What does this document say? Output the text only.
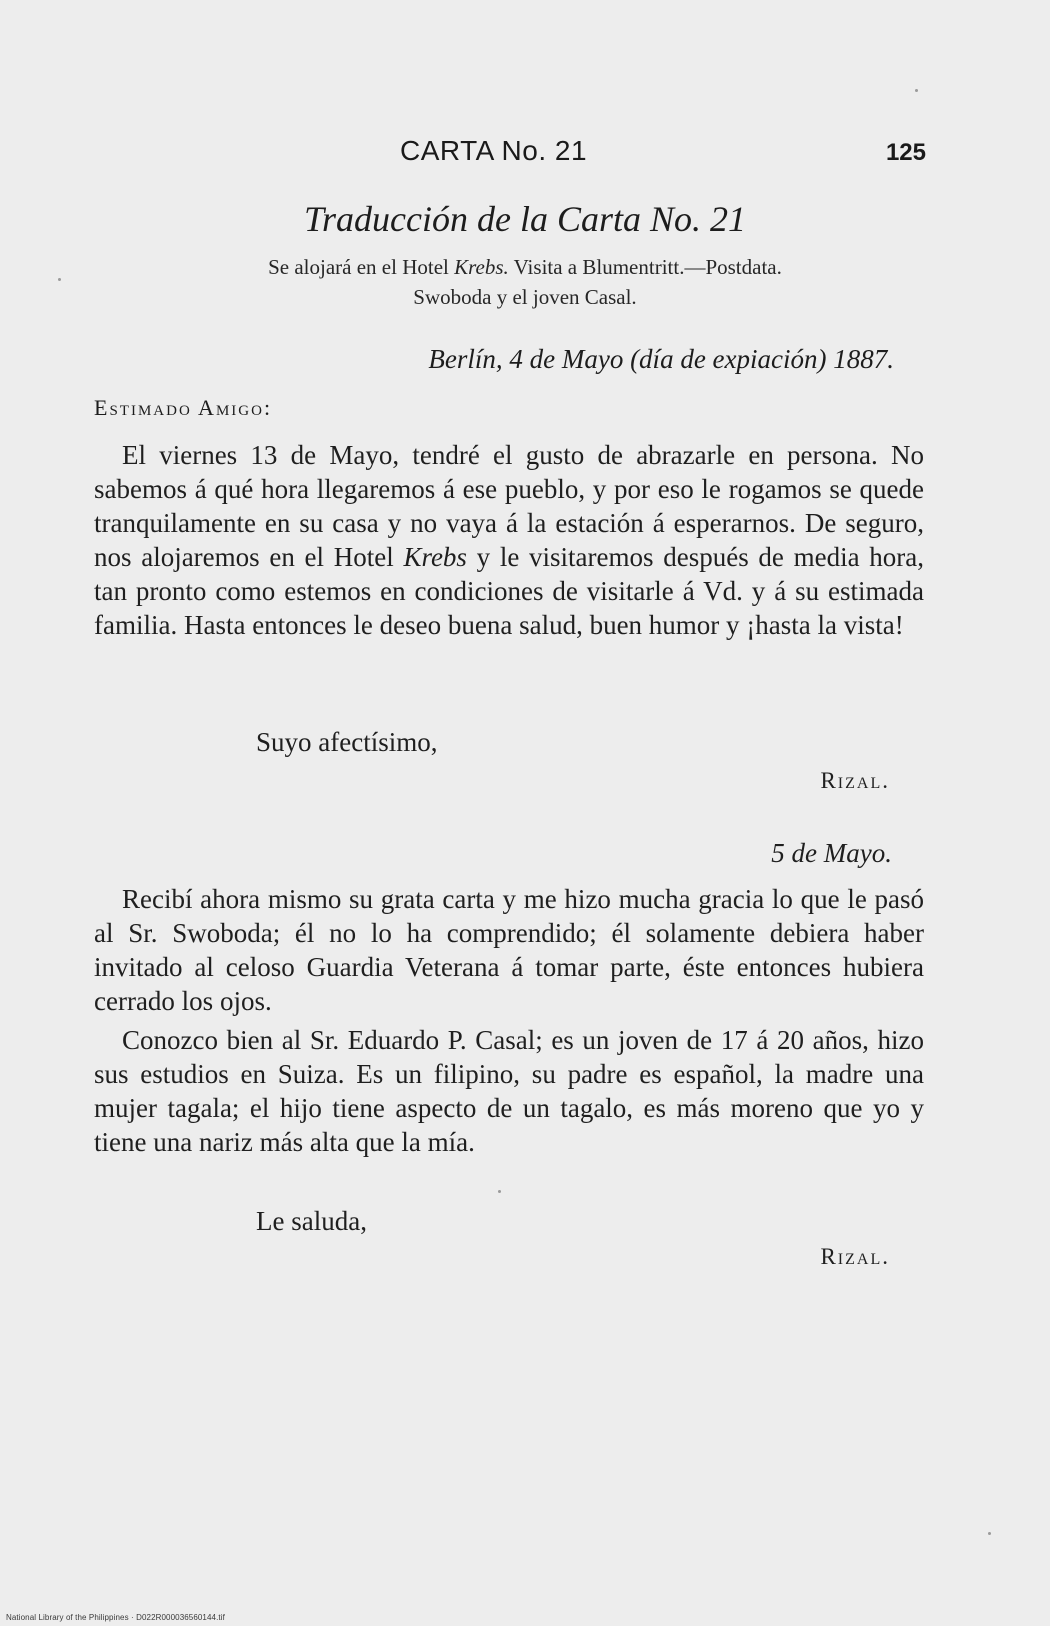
CARTA No. 21	125
Traducción de la Carta No. 21
Se alojará en el Hotel Krebs. Visita a Blumentritt.—Postdata.
Swoboda y el joven Casal.
Berlín, 4 de Mayo (día de expiación) 1887.
Estimado Amigo:
El viernes 13 de Mayo, tendré el gusto de abrazarle en persona. No sabemos á qué hora llegaremos á ese pueblo, y por eso le rogamos se quede tranquilamente en su casa y no vaya á la estación á esperarnos. De seguro, nos alojaremos en el Hotel Krebs y le visitaremos después de media hora, tan pronto como estemos en condiciones de visitarle á Vd. y á su estimada familia. Hasta entonces le deseo buena salud, buen humor y ¡hasta la vista!
Suyo afectísimo,
Rizal.
5 de Mayo.
Recibí ahora mismo su grata carta y me hizo mucha gracia lo que le pasó al Sr. Swoboda; él no lo ha comprendido; él solamente debiera haber invitado al celoso Guardia Veterana á tomar parte, éste entonces hubiera cerrado los ojos.
Conozco bien al Sr. Eduardo P. Casal; es un joven de 17 á 20 años, hizo sus estudios en Suiza. Es un filipino, su padre es español, la madre una mujer tagala; el hijo tiene aspecto de un tagalo, es más moreno que yo y tiene una nariz más alta que la mía.
Le saluda,
Rizal.
National Library of the Philippines · D022R000036560144.tif
